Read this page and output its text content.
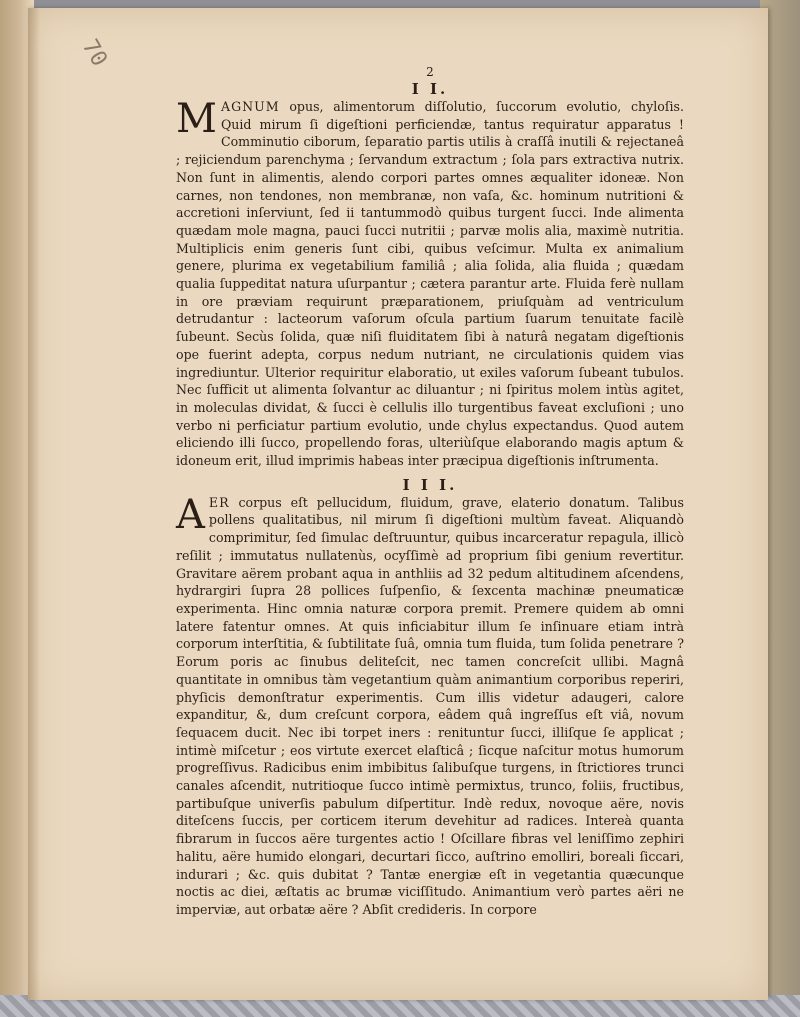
70
2
I I.

MAGNUM opus, alimentorum diſſolutio, ſuccorum evolutio, chyloſis. Quid mirum ſi digeſtioni perficiendæ, tantus requiratur apparatus ! Comminutio ciborum, ſeparatio partis utilis à craſſâ inutili & rejectaneâ ; rejiciendum parenchyma ; ſervandum extractum ; ſola pars extractiva nutrix. Non ſunt in alimentis, alendo corpori partes omnes æqualiter idoneæ. Non carnes, non tendones, non membranæ, non vaſa, &c. hominum nutritioni & accretioni inſerviunt, ſed ii tantummodò quibus turgent ſucci. Inde alimenta quædam mole magna, pauci ſucci nutritii ; parvæ molis alia, maximè nutritia. Multiplicis enim generis ſunt cibi, quibus veſcimur. Multa ex animalium genere, plurima ex vegetabilium familiâ ; alia ſolida, alia fluida ; quædam qualia ſuppeditat natura uſurpantur ; cætera parantur arte. Fluida ferè nullam in ore præviam requirunt præparationem, priuſquàm ad ventriculum detrudantur : lacteorum vaſorum oſcula partium ſuarum tenuitate facilè ſubeunt. Secùs ſolida, quæ niſi fluiditatem ſibi à naturâ negatam digeſtionis ope fuerint adepta, corpus nedum nutriant, ne circulationis quidem vias ingrediuntur. Ulterior requiritur elaboratio, ut exiles vaſorum ſubeant tubulos. Nec ſufficit ut alimenta ſolvantur ac diluantur ; ni ſpiritus molem intùs agitet, in moleculas dividat, & ſucci è cellulis illo turgentibus faveat excluſioni ; uno verbo ni perficiatur partium evolutio, unde chylus expectandus. Quod autem eliciendo illi ſucco, propellendo foras, ulteriùſque elaborando magis aptum & idoneum erit, illud imprimis habeas inter præcipua digeſtionis inſtrumenta.

I I I.

AER corpus eſt pellucidum, fluidum, grave, elaterio donatum. Talibus pollens qualitatibus, nil mirum ſi digeſtioni multùm faveat. Aliquandò comprimitur, ſed ſimulac deſtruuntur, quibus incarceratur repagula, illicò reſilit ; immutatus nullatenùs, ocyſſimè ad proprium ſibi genium revertitur. Gravitare aërem probant aqua in anthliis ad 32 pedum altitudinem aſcendens, hydrargiri ſupra 28 pollices ſuſpenſio, & ſexcenta machinæ pneumaticæ experimenta. Hinc omnia naturæ corpora premit. Premere quidem ab omni latere fatentur omnes. At quis inficiabitur illum ſe inſinuare etiam intrà corporum interſtitia, & ſubtilitate ſuâ, omnia tum fluida, tum ſolida penetrare ? Eorum poris ac ſinubus deliteſcit, nec tamen concreſcit ullibi. Magnâ quantitate in omnibus tàm vegetantium quàm animantium corporibus reperiri, phyſicis demonſtratur experimentis. Cum illis videtur adaugeri, calore expanditur, &, dum creſcunt corpora, eâdem quâ ingreſſus eſt viâ, novum ſequacem ducit. Nec ibi torpet iners : renituntur ſucci, illiſque ſe applicat ; intimè miſcetur ; eos virtute exercet elaſticâ ; ſicque naſcitur motus humorum progreſſivus. Radicibus enim imbibitus ſalibuſque turgens, in ſtrictiores trunci canales aſcendit, nutritioque ſucco intimè permixtus, trunco, foliis, fructibus, partibuſque univerſis pabulum diſpertitur. Indè redux, novoque aëre, novis diteſcens ſuccis, per corticem iterum devehitur ad radices. Intereà quanta fibrarum in ſuccos aëre turgentes actio ! Oſcillare fibras vel leniſſimo zephiri halitu, aëre humido elongari, decurtari ſicco, auſtrino emolliri, boreali ſiccari, indurari ; &c. quis dubitat ? Tantæ energiæ eſt in vegetantia quæcunque noctis ac diei, æſtatis ac brumæ viciſſitudo. Animantium verò partes aëri ne imperviæ, aut orbatæ aëre ? Abſit credideris. In corpore
